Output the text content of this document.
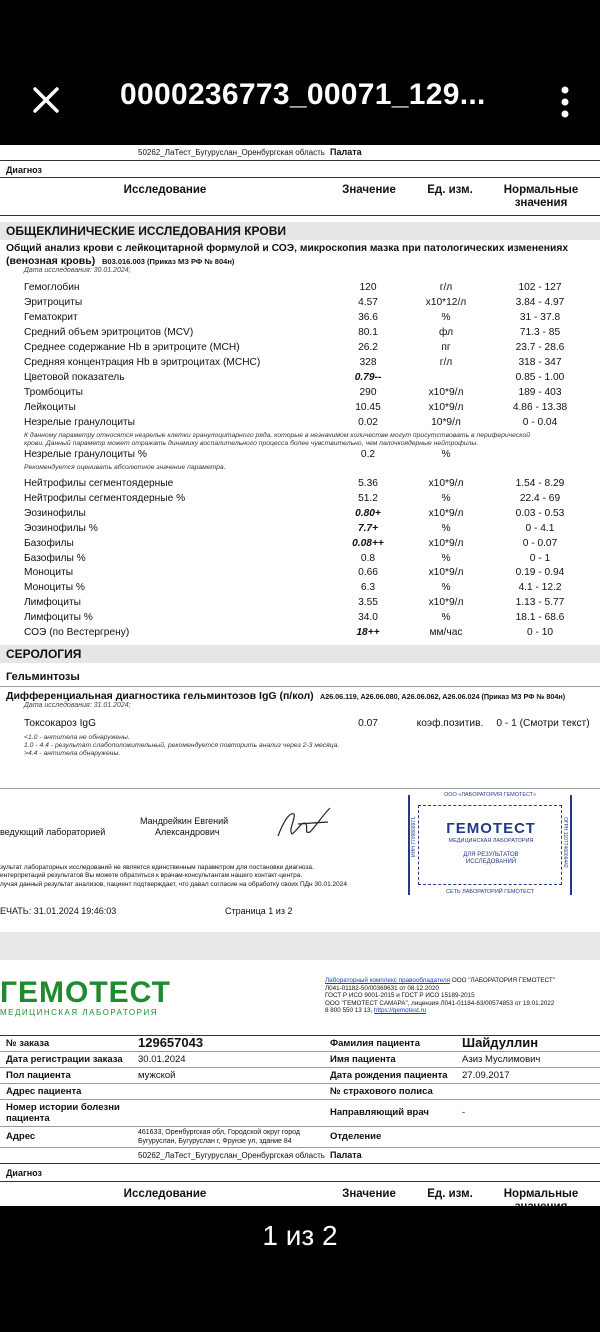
0000236773_00071_129...
50262_ЛаТест_Бугуруслан_Оренбургская область Палата
Диагноз
Исследование	Значение	Ед. изм.	Нормальные
значения
ОБЩЕКЛИНИЧЕСКИЕ ИССЛЕДОВАНИЯ КРОВИ
Общий анализ крови с лейкоцитарной формулой и СОЭ, микроскопия мазка при патологических изменениях
(венозная кровь) B03.016.003 (Приказ МЗ РФ № 804н)
Дата исследования: 30.01.2024;
Гемоглобин	120	г/л	102 - 127
Эритроциты	4.57	x10*12/л	3.84 - 4.97
Гематокрит	36.6	%	31 - 37.8
Средний объем эритроцитов (MCV)	80.1	фл	71.3 - 85
Среднее содержание Hb в эритроците (MCH)	26.2	пг	23.7 - 28.6
Средняя концентрация Hb в эритроцитах (MCHC)	328	г/л	318 - 347
Цветовой показатель	0.79--	0.85 - 1.00
Тромбоциты	290	x10*9/л	189 - 403
Лейкоциты	10.45	x10*9/л	4.86 - 13.38
Незрелые гранулоциты	0.02	10*9/л	0 - 0.04
К данному параметру относятся незрелые клетки гранулоцитарного ряда, которые в незначимом количестве могут присутствовать в периферической
крови. Данный параметр может отражать динамику воспалительного процесса более чувствительно, чем палочкоядерные нейтрофилы.
Незрелые гранулоциты %	0.2	%
Рекомендуется оценивать абсолютное значение параметра.
Нейтрофилы сегментоядерные	5.36	x10*9/л	1.54 - 8.29
Нейтрофилы сегментоядерные %	51.2	%	22.4 - 69
Эозинофилы	0.80+	x10*9/л	0.03 - 0.53
Эозинофилы %	7.7+	%	0 - 4.1
Базофилы	0.08++	x10*9/л	0 - 0.07
Базофилы %	0.8	%	0 - 1
Моноциты	0.66	x10*9/л	0.19 - 0.94
Моноциты %	6.3	%	4.1 - 12.2
Лимфоциты	3.55	x10*9/л	1.13 - 5.77
Лимфоциты %	34.0	%	18.1 - 68.6
СОЭ (по Вестергрену)	18++	мм/час	0 - 10
СЕРОЛОГИЯ
Гельминтозы
Дифференциальная диагностика гельминтозов IgG (п/кол) A26.06.119, A26.06.080, A26.06.062, A26.06.024 (Приказ МЗ РФ № 804н)
Дата исследования: 31.01.2024;
Токсокароз IgG	0.07	коэф.позитив.	0 - 1 (Смотри текст)
<1.0 - антитела не обнаружены.
1.0 - 4.4 - результат слабоположительный, рекомендуется повторить анализ через 2-3 месяца.
>4.4 - антитела обнаружены.
Мандрейкин Евгений
Александрович
ведующий лабораторией
зультат лабораторных исследований не является единственным параметром для постановки диагноза.
интерпретаций результатов Вы можете обратиться к врачам-консультантам нашего контакт-центра.
лучая данный результат анализов, пациент подтверждает, что давал согласие на обработку своих ПДн 30.01.2024
ЕЧАТЬ: 31.01.2024 19:46:03	Страница 1 из 2
ООО «ЛАБОРАТОРИЯ ГЕМОТЕСТ»
ГЕМОТЕСТ
МЕДИЦИНСКАЯ ЛАБОРАТОРИЯ
ДЛЯ РЕЗУЛЬТАТОВ
ИССЛЕДОВАНИЙ
ИНН 7709868971	ОГРН 1107746006442
СЕТЬ ЛАБОРАТОРИЙ ГЕМОТЕСТ
ГЕМОТЕСТ
МЕДИЦИНСКАЯ ЛАБОРАТОРИЯ
Лабораторный комплекс правообладателя ООО "ЛАБОРАТОРИЯ ГЕМОТЕСТ"
Л041-01182-50/00369631 от 08.12.2020
ГОСТ Р ИСО 9001-2015 и ГОСТ Р ИСО 15189-2015
ООО "ГЕМОТЕСТ САМАРА", лицензия Л041-01184-63/00574853 от 19.01.2022
8 800 550 13 13, https://gemotest.ru
№ заказа	129657043	Фамилия пациента	Шайдуллин
Дата регистрации заказа 30.01.2024	Имя пациента	Азиз Муслимович
Пол пациента	мужской	Дата рождения пациента 27.09.2017
Адрес пациента	№ страхового полиса
Номер истории болезни
пациента
Направляющий врач	-
Адрес	461633, Оренбургская обл, Городской округ город
Бугуруслан, Бугуруслан г, Фрунзе ул, здание 84	Отделение
50262_ЛаТест_Бугуруслан_Оренбургская область Палата
Диагноз
Исследование	Значение	Ед. изм.	Нормальные
1 из 2
